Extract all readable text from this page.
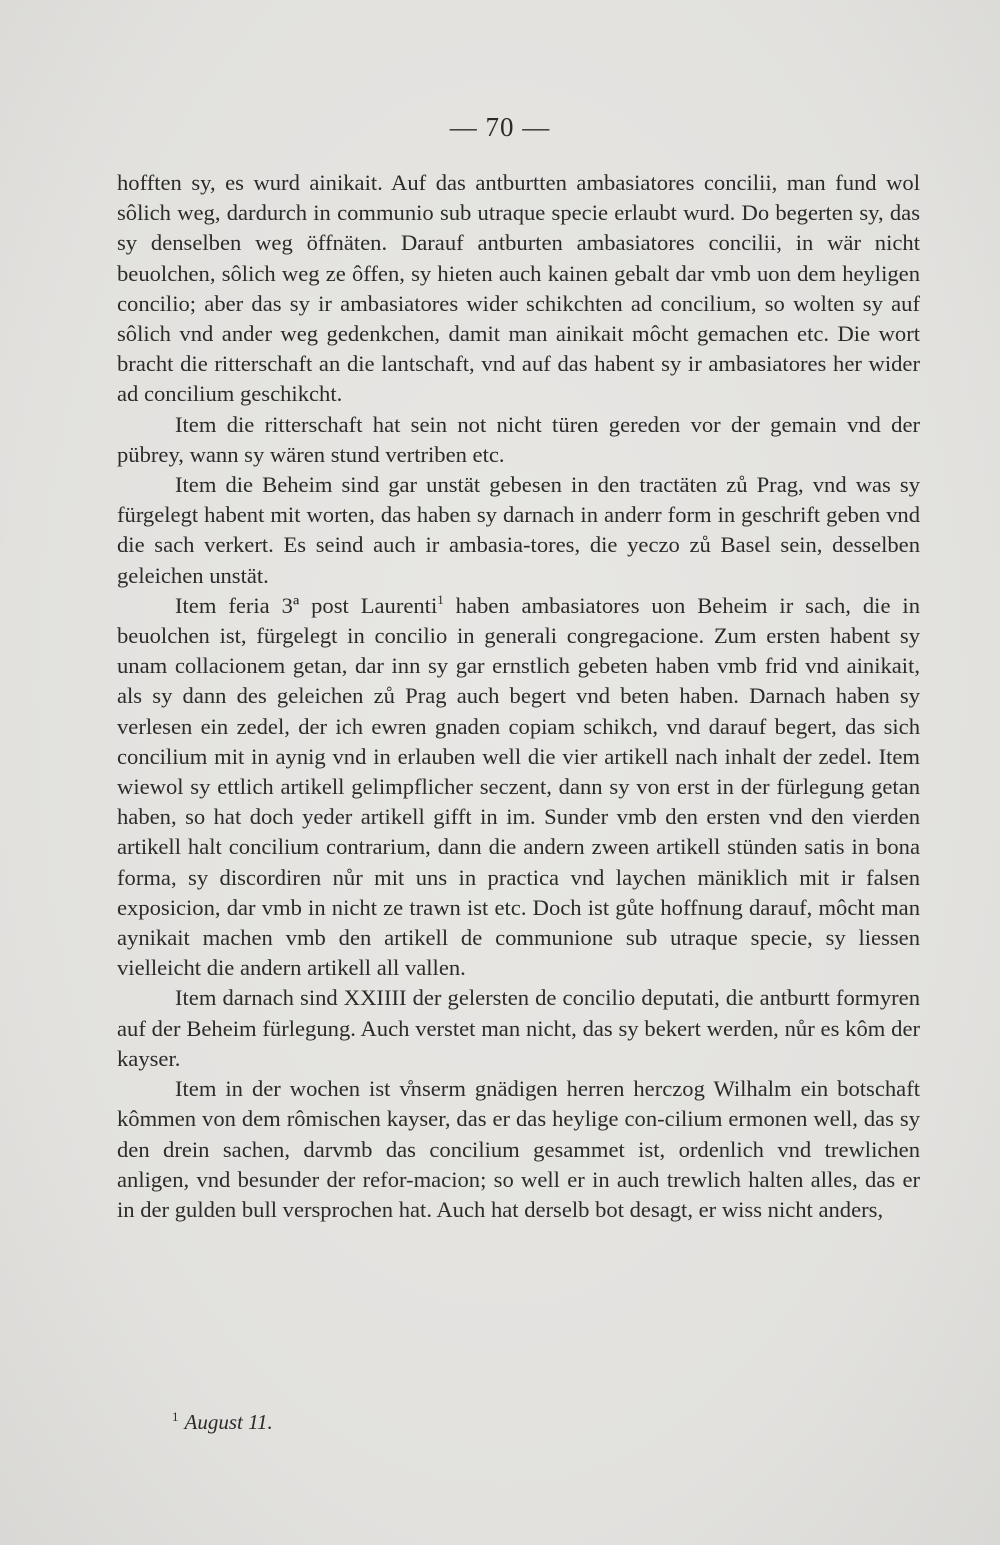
— 70 —

hofften sy, es wurd ainikait. Auf das antburtten ambasiatores concilii, man fund wol sôlich weg, dardurch in communio sub utraque specie erlaubt wurd. Do begerten sy, das sy denselben weg öffnäten. Darauf antburten ambasiatores concilii, in wär nicht beuolchen, sôlich weg ze ôffen, sy hieten auch kainen gebalt dar vmb uon dem heyligen concilio; aber das sy ir ambasiatores wider schikchten ad concilium, so wolten sy auf sôlich vnd ander weg gedenkchen, damit man ainikait môcht gemachen etc. Die wort bracht die ritterschaft an die lantschaft, vnd auf das habent sy ir ambasiatores her wider ad concilium geschikcht.

Item die ritterschaft hat sein not nicht türen gereden vor der gemain vnd der pübrey, wann sy wären stund vertriben etc.

Item die Beheim sind gar unstät gebesen in den tractäten zů Prag, vnd was sy fürgelegt habent mit worten, das haben sy darnach in anderr form in geschrift geben vnd die sach verkert. Es seind auch ir ambasia-tores, die yeczo zů Basel sein, desselben geleichen unstät.

Item feria 3ª post Laurenti$^1$ haben ambasiatores uon Beheim ir sach, die in beuolchen ist, fürgelegt in concilio in generali congregacione. Zum ersten habent sy unam collacionem getan, dar inn sy gar ernstlich gebeten haben vmb frid vnd ainikait, als sy dann des geleichen zů Prag auch begert vnd beten haben. Darnach haben sy verlesen ein zedel, der ich ewren gnaden copiam schikch, vnd darauf begert, das sich concilium mit in aynig vnd in erlauben well die vier artikell nach inhalt der zedel. Item wiewol sy ettlich artikell gelimpflicher seczent, dann sy von erst in der fürlegung getan haben, so hat doch yeder artikell gifft in im. Sunder vmb den ersten vnd den vierden artikell halt concilium contrarium, dann die andern zween artikell stünden satis in bona forma, sy discordiren nůr mit uns in practica vnd laychen mäniklich mit ir falsen exposicion, dar vmb in nicht ze trawn ist etc. Doch ist gůte hoffnung darauf, môcht man aynikait machen vmb den artikell de communione sub utraque specie, sy liessen vielleicht die andern artikell all vallen.

Item darnach sind XXIIII der gelersten de concilio deputati, die antburtt formyren auf der Beheim fürlegung. Auch verstet man nicht, das sy bekert werden, nůr es kôm der kayser.

Item in der wochen ist v̊nserm gnädigen herren herczog Wilhalm ein botschaft kômmen von dem rômischen kayser, das er das heylige con-cilium ermonen well, das sy den drein sachen, darvmb das concilium gesammet ist, ordenlich vnd trewlichen anligen, vnd besunder der refor-macion; so well er in auch trewlich halten alles, das er in der gulden bull versprochen hat. Auch hat derselb bot desagt, er wiss nicht anders,

$^1$ August 11.
